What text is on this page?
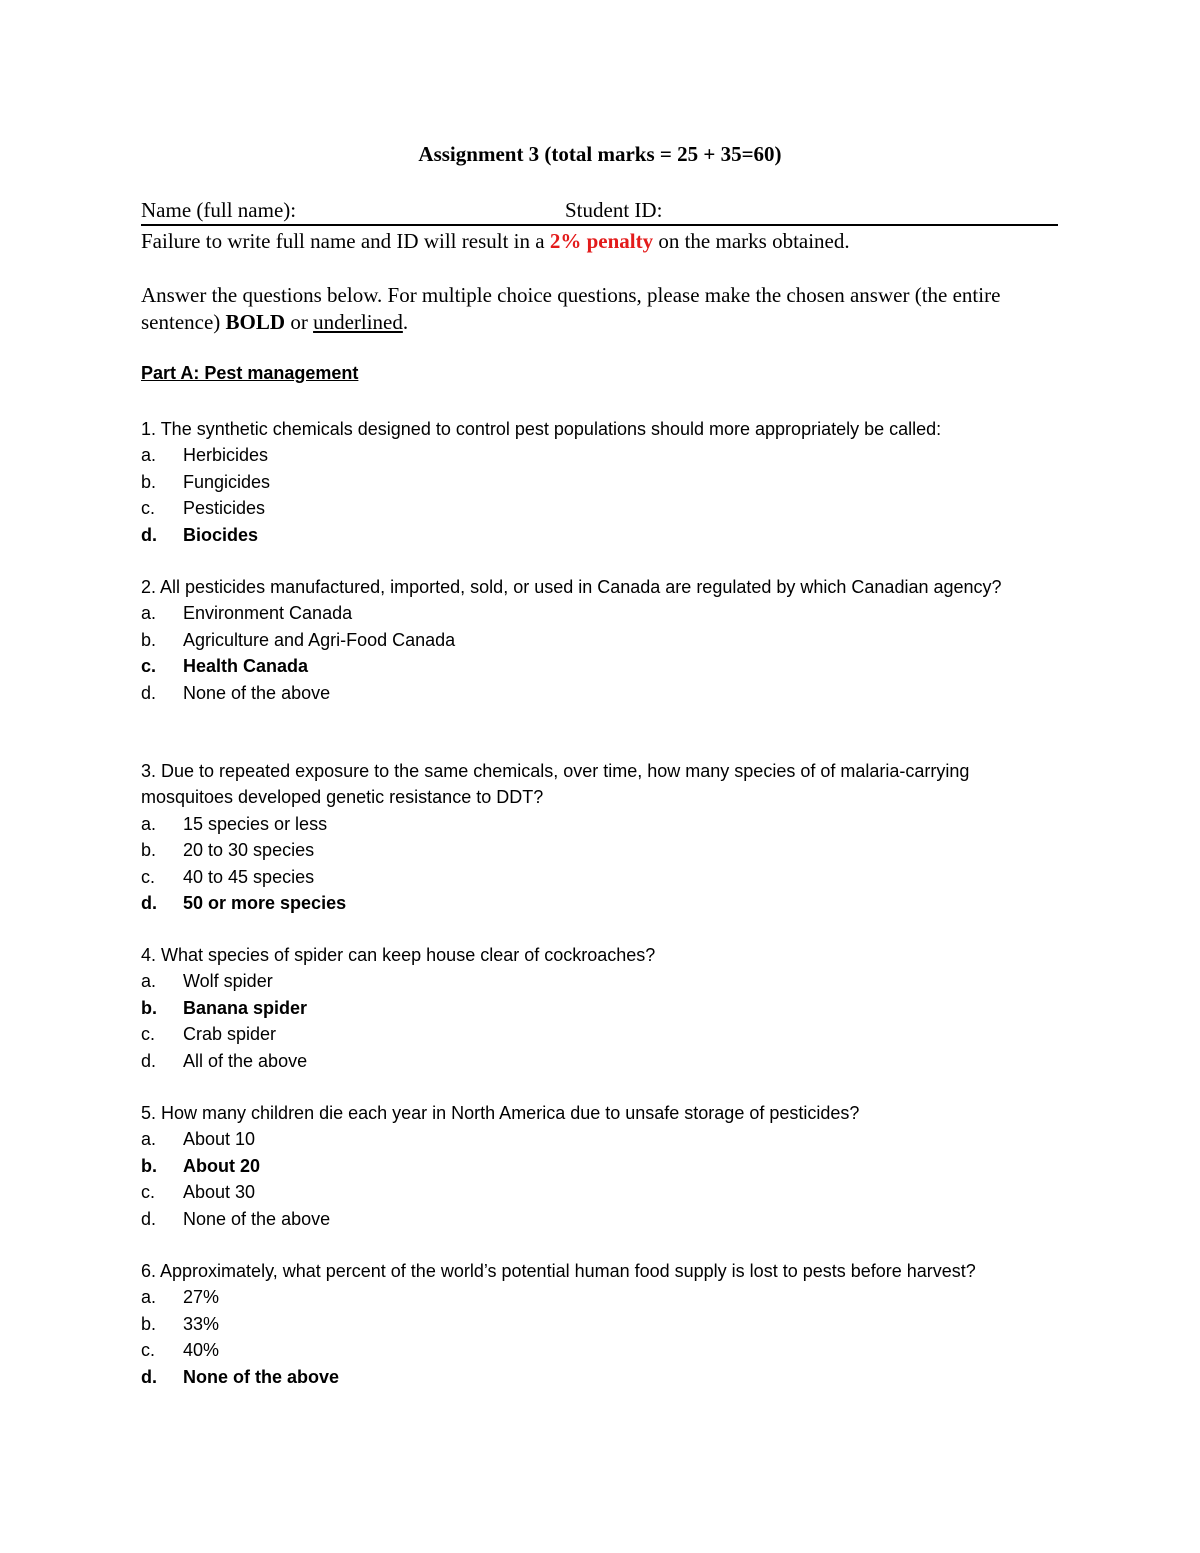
Assignment 3 (total marks = 25 + 35=60)
Name (full name):	Student ID:
Failure to write full name and ID will result in a 2% penalty on the marks obtained.
Answer the questions below. For multiple choice questions, please make the chosen answer (the entire sentence) BOLD or underlined.
Part A: Pest management

1. The synthetic chemicals designed to control pest populations should more appropriately be called:

a.	Herbicides
b.	Fungicides
c.	Pesticides
d.	Biocides

2. All pesticides manufactured, imported, sold, or used in Canada are regulated by which Canadian agency?

a.	Environment Canada
b.	Agriculture and Agri-Food Canada
c.	Health Canada
d.	None of the above

3. Due to repeated exposure to the same chemicals, over time, how many species of of malaria-carrying mosquitoes developed genetic resistance to DDT?

a.	15 species or less
b.	20 to 30 species
c.	40 to 45 species
d.	50 or more species

4. What species of spider can keep house clear of cockroaches?

a.	Wolf spider
b.	Banana spider
c.	Crab spider
d.	All of the above

5. How many children die each year in North America due to unsafe storage of pesticides?

a.	About 10
b.	About 20
c.	About 30
d.	None of the above

6. Approximately, what percent of the world’s potential human food supply is lost to pests before harvest?

a.	27%
b.	33%
c.	40%
d.	None of the above
